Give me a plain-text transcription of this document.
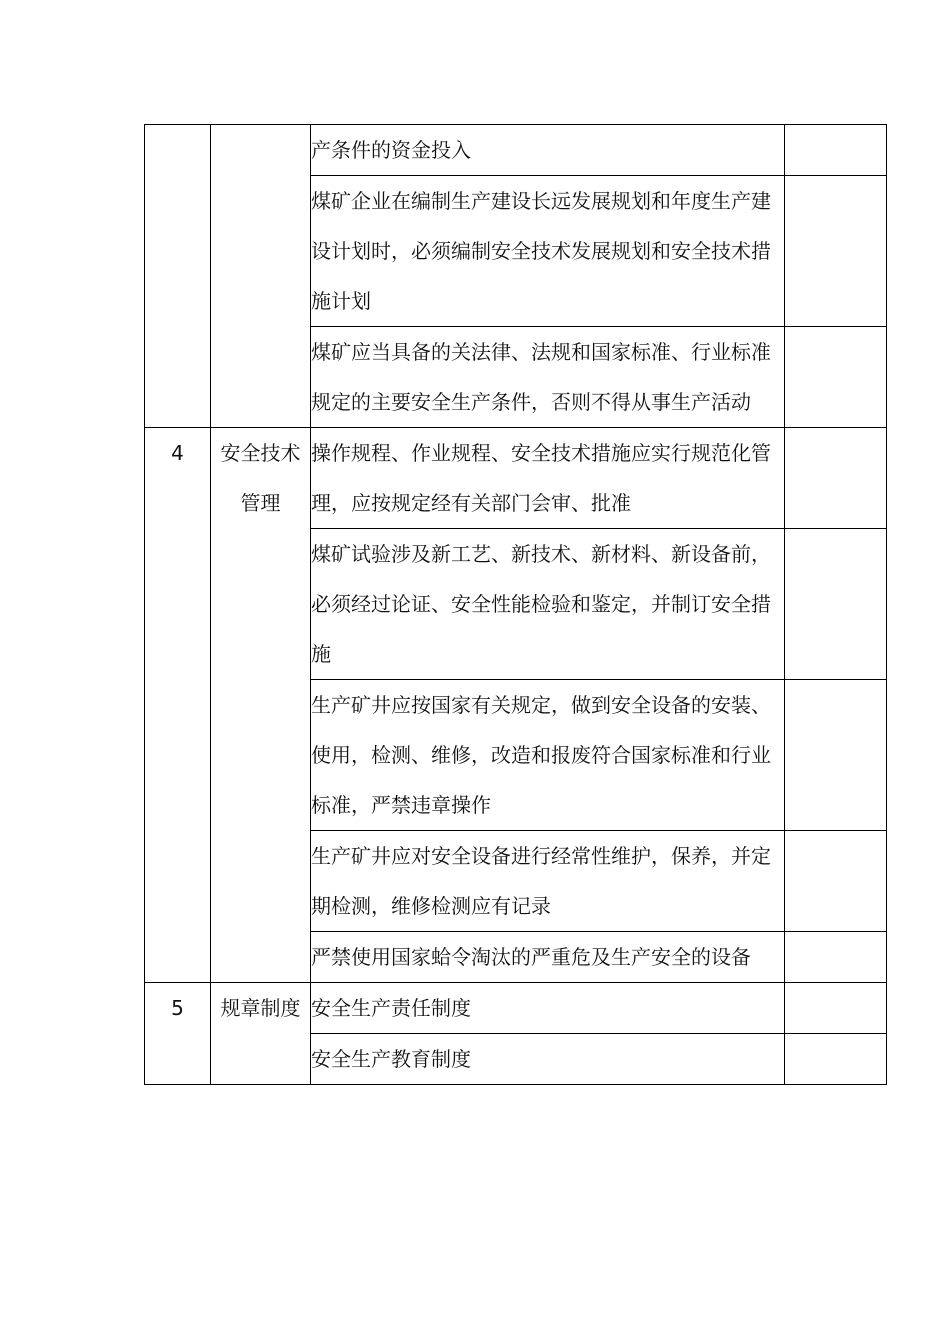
		产条件的资金投入	
		煤矿企业在编制生产建设长远发展规划和年度生产建设计划时，必须编制安全技术发展规划和安全技术措施计划	
		煤矿应当具备的关法律、法规和国家标准、行业标准规定的主要安全生产条件，否则不得从事生产活动	
4	安全技术管理	操作规程、作业规程、安全技术措施应实行规范化管理，应按规定经有关部门会审、批准	
		煤矿试验涉及新工艺、新技术、新材料、新设备前，必须经过论证、安全性能检验和鉴定，并制订安全措施	
		生产矿井应按国家有关规定，做到安全设备的安装、使用，检测、维修，改造和报废符合国家标准和行业标准，严禁违章操作	
		生产矿井应对安全设备进行经常性维护，保养，并定期检测，维修检测应有记录	
		严禁使用国家蛤令淘汰的严重危及生产安全的设备	
5	规章制度	安全生产责任制度	
		安全生产教育制度	
